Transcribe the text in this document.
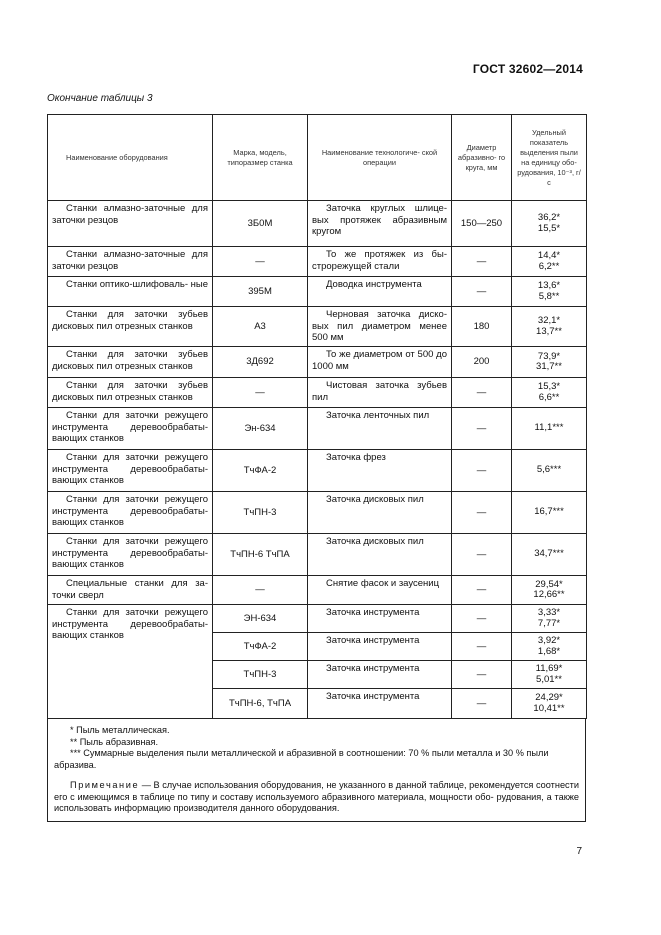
ГОСТ 32602—2014
Окончание таблицы 3
Наименование оборудования	Марка, модель, типоразмер станка	Наименование технологиче- ской операции	Диаметр абразивно- го круга, мм	Удельный показатель выделения пыли на единицу обо- рудования, 10⁻³, г/с
Станки алмазно-заточные для заточки резцов	3Б0М	Заточка круглых шлице- вых протяжек абразивным кругом	150—250	36,2*
15,5*

Станки алмазно-заточные для заточки резцов	—	То же протяжек из бы- строрежущей стали	—	14,4*
6,2**

Станки оптико-шлифоваль- ные	395М	Доводка инструмента	—	13,6*
5,8**

Станки для заточки зубьев дисковых пил отрезных станков	А3	Черновая заточка диско- вых пил диаметром менее 500 мм	180	32,1*
13,7**

Станки для заточки зубьев дисковых пил отрезных станков	3Д692	То же диаметром от 500 до 1000 мм	200	73,9*
31,7**

Станки для заточки зубьев дисковых пил отрезных станков	—	Чистовая заточка зубьев пил	—	15,3*
6,6**

Станки для заточки режущего инструмента деревообрабаты- вающих станков	Эн-634	Заточка ленточных пил	—	11,1***

Станки для заточки режущего инструмента деревообрабаты- вающих станков	ТчФА-2	Заточка фрез	—	5,6***

Станки для заточки режущего инструмента деревообрабаты- вающих станков	ТчПН-3	Заточка дисковых пил	—	16,7***

Станки для заточки режущего инструмента деревообрабаты- вающих станков	ТчПН-6 ТчПА	Заточка дисковых пил	—	34,7***

Специальные станки для за- точки сверл	—	Снятие фасок и заусениц	—	29,54*
12,66**

Станки для заточки режущего инструмента деревообрабаты- вающих станков	ЭН-634	Заточка инструмента	—	3,33*
7,77*

	ТчФА-2	Заточка инструмента	—	3,92*
1,68*

	ТчПН-3	Заточка инструмента	—	11,69*
5,01**

	ТчПН-6, ТчПА	Заточка инструмента	—	24,29*
10,41**

* Пыль металлическая.

** Пыль абразивная.

*** Суммарные выделения пыли металлической и абразивной в соотношении: 70 % пыли металла и 30 % пыли абразива.

Примечание — В случае использования оборудования, не указанного в данной таблице, рекомендуется соотнести его с имеющимся в таблице по типу и составу используемого абразивного материала, мощности обо- рудования, а также использовать информацию производителя данного оборудования.

7
